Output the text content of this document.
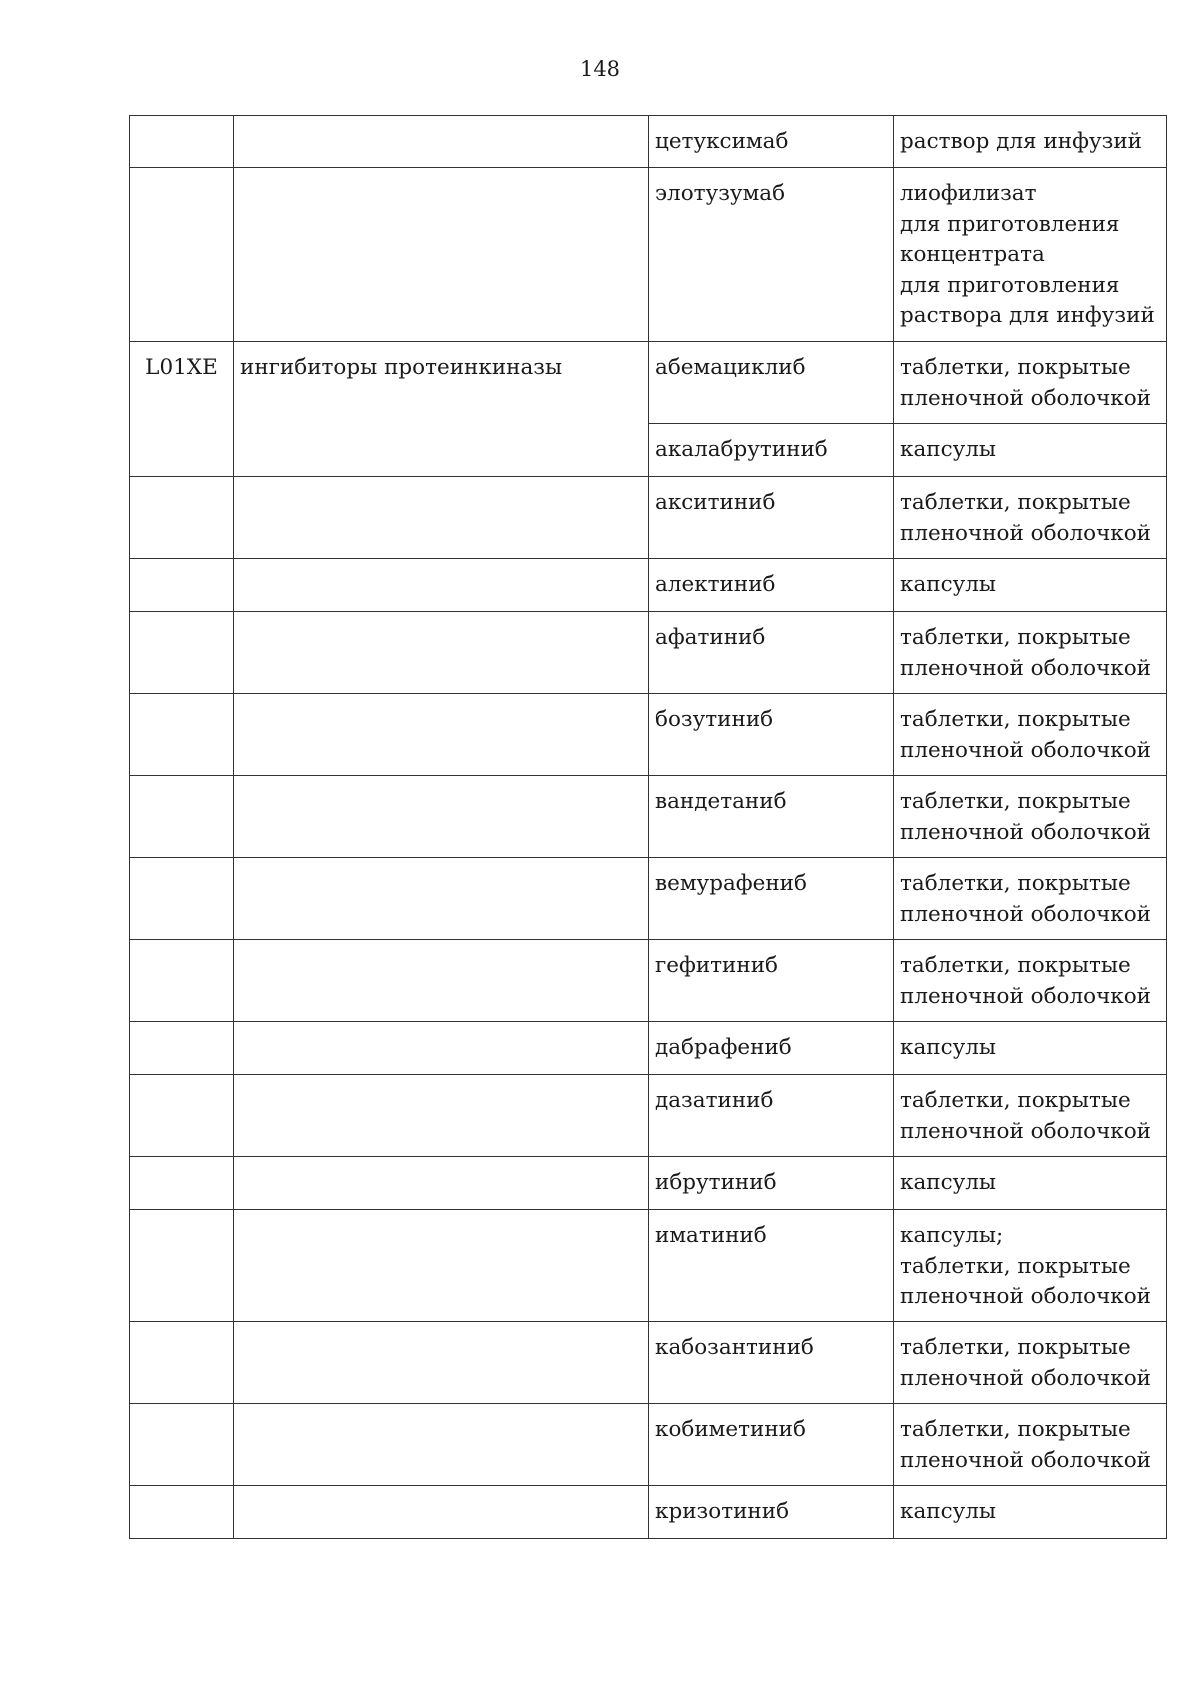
148
		цетуксимаб	раствор для инфузий

		элотузумаб	лиофилизат
для приготовления
концентрата
для приготовления
раствора для инфузий

L01XE	ингибиторы протеинкиназы	абемациклиб	таблетки, покрытые
пленочной оболочкой

		акалабрутиниб	капсулы

		акситиниб	таблетки, покрытые
пленочной оболочкой

		алектиниб	капсулы

		афатиниб	таблетки, покрытые
пленочной оболочкой

		бозутиниб	таблетки, покрытые
пленочной оболочкой

		вандетаниб	таблетки, покрытые
пленочной оболочкой

		вемурафениб	таблетки, покрытые
пленочной оболочкой

		гефитиниб	таблетки, покрытые
пленочной оболочкой

		дабрафениб	капсулы

		дазатиниб	таблетки, покрытые
пленочной оболочкой

		ибрутиниб	капсулы

		иматиниб	капсулы;
таблетки, покрытые
пленочной оболочкой

		кабозантиниб	таблетки, покрытые
пленочной оболочкой

		кобиметиниб	таблетки, покрытые
пленочной оболочкой

		кризотиниб	капсулы
